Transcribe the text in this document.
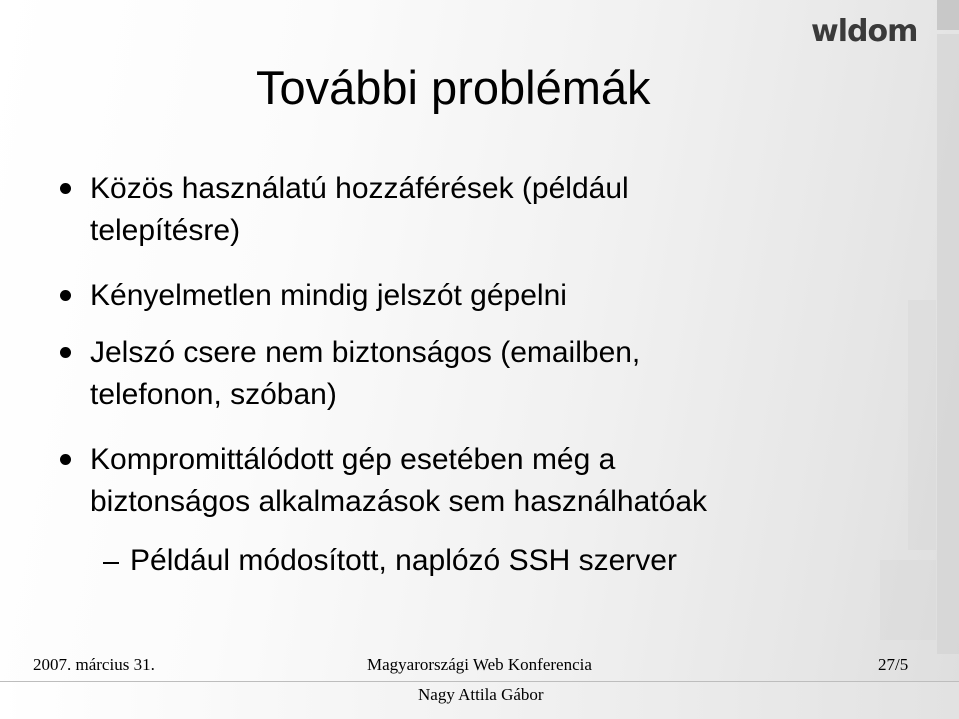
wldom
További problémák
Közös használatú hozzáférések (például
telepítésre)
Kényelmetlen mindig jelszót gépelni
Jelszó csere nem biztonságos (emailben,
telefonon, szóban)
Kompromittálódott gép esetében még a
biztonságos alkalmazások sem használhatóak
Például módosított, naplózó SSH szerver
2007. március 31.	Magyarországi Web Konferencia	27/5
Nagy Attila Gábor
